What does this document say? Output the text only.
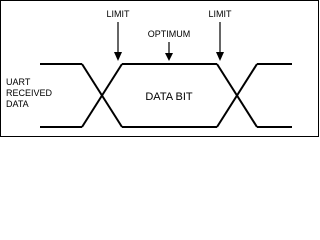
LIMIT	LIMIT
OPTIMUM
UART
RECEIVED
DATA
DATA BIT
